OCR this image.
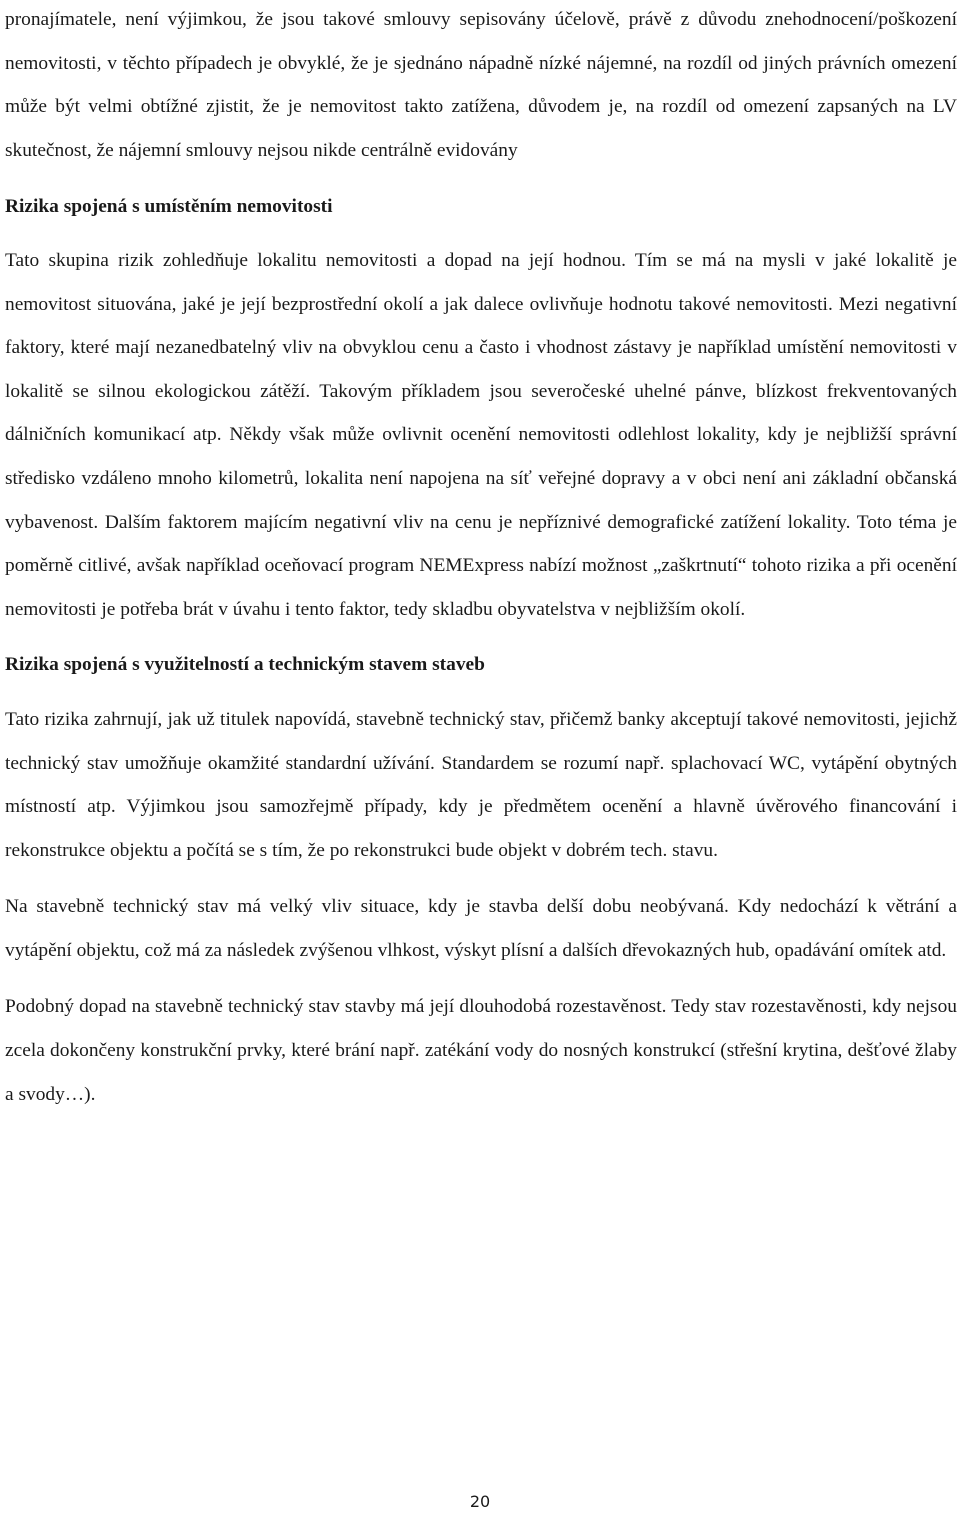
pronajímatele, není výjimkou, že jsou takové smlouvy sepisovány účelově, právě z důvodu znehodnocení/poškození nemovitosti, v těchto případech je obvyklé, že je sjednáno nápadně nízké nájemné, na rozdíl od jiných právních omezení může být velmi obtížné zjistit, že je nemovitost takto zatížena, důvodem je, na rozdíl od omezení zapsaných na LV skutečnost, že nájemní smlouvy nejsou nikde centrálně evidovány

Rizika spojená s umístěním nemovitosti

Tato skupina rizik zohledňuje lokalitu nemovitosti a dopad na její hodnou. Tím se má na mysli v jaké lokalitě je nemovitost situována, jaké je její bezprostřední okolí a jak dalece ovlivňuje hodnotu takové nemovitosti. Mezi negativní faktory, které mají nezanedbatelný vliv na obvyklou cenu a často i vhodnost zástavy je například umístění nemovitosti v lokalitě se silnou ekologickou zátěží. Takovým příkladem jsou severočeské uhelné pánve, blízkost frekventovaných dálničních komunikací atp. Někdy však může ovlivnit ocenění nemovitosti odlehlost lokality, kdy je nejbližší správní středisko vzdáleno mnoho kilometrů, lokalita není napojena na síť veřejné dopravy a v obci není ani základní občanská vybavenost. Dalším faktorem majícím negativní vliv na cenu je nepříznivé demografické zatížení lokality. Toto téma je poměrně citlivé, avšak například oceňovací program NEMExpress nabízí možnost „zaškrtnutí“ tohoto rizika a při ocenění nemovitosti je potřeba brát v úvahu i tento faktor, tedy skladbu obyvatelstva v nejbližším okolí.

Rizika spojená s využitelností a technickým stavem staveb

Tato rizika zahrnují, jak už titulek napovídá, stavebně technický stav, přičemž banky akceptují takové nemovitosti, jejichž technický stav umožňuje okamžité standardní užívání. Standardem se rozumí např. splachovací WC, vytápění obytných místností atp. Výjimkou jsou samozřejmě případy, kdy je předmětem ocenění a hlavně úvěrového financování i rekonstrukce objektu a počítá se s tím, že po rekonstrukci bude objekt v dobrém tech. stavu.

Na stavebně technický stav má velký vliv situace, kdy je stavba delší dobu neobývaná. Kdy nedochází k větrání a vytápění objektu, což má za následek zvýšenou vlhkost, výskyt plísní a dalších dřevokazných hub, opadávání omítek atd.

Podobný dopad na stavebně technický stav stavby má její dlouhodobá rozestavěnost. Tedy stav rozestavěnosti, kdy nejsou zcela dokončeny konstrukční prvky, které brání např. zatékání vody do nosných konstrukcí (střešní krytina, dešťové žlaby a svody…).

20
